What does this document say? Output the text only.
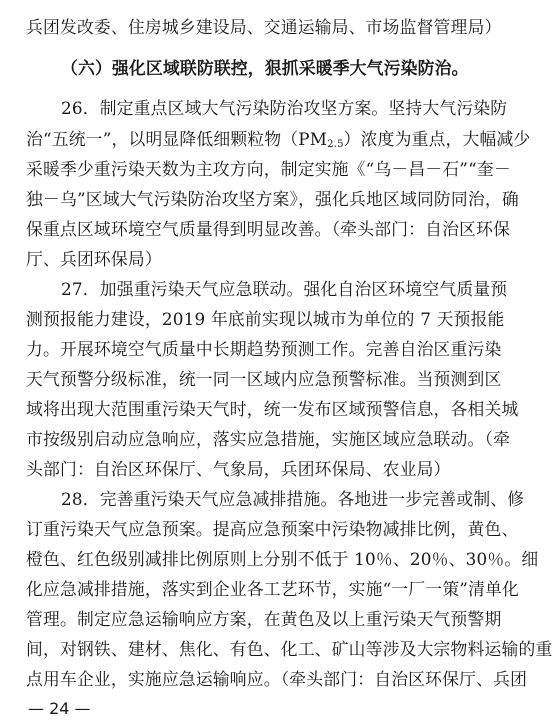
兵团发改委、住房城乡建设局、交通运输局、市场监督管理局）
（六）强化区域联防联控，狠抓采暖季大气污染防治。
26．制定重点区域大气污染防治攻坚方案。坚持大气污染防
治“五统一”，以明显降低细颗粒物$(PM_{2.5})$浓度为重点，大幅减少
采暖季少重污染天数为主攻方向，制定实施《“乌－昌－石”“奎－
独－乌”区域大气污染防治攻坚方案》，强化兵地区域同防同治，确
保重点区域环境空气质量得到明显改善。（牵头部门：自治区环保
厅、兵团环保局）
27．加强重污染天气应急联动。强化自治区环境空气质量预
测预报能力建设，2019 年底前实现以城市为单位的 7 天预报能
力。开展环境空气质量中长期趋势预测工作。完善自治区重污染
天气预警分级标准，统一同一区域内应急预警标准。当预测到区
域将出现大范围重污染天气时，统一发布区域预警信息，各相关城
市按级别启动应急响应，落实应急措施，实施区域应急联动。（牵
头部门：自治区环保厅、气象局，兵团环保局、农业局）
28．完善重污染天气应急减排措施。各地进一步完善或制、修
订重污染天气应急预案。提高应急预案中污染物减排比例，黄色、
橙色、红色级别减排比例原则上分别不低于 10％、20％、30％。细
化应急减排措施，落实到企业各工艺环节，实施“一厂一策”清单化
管理。制定应急运输响应方案，在黄色及以上重污染天气预警期
间，对钢铁、建材、焦化、有色、化工、矿山等涉及大宗物料运输的重
点用车企业，实施应急运输响应。（牵头部门：自治区环保厅、兵团
— 24 —
